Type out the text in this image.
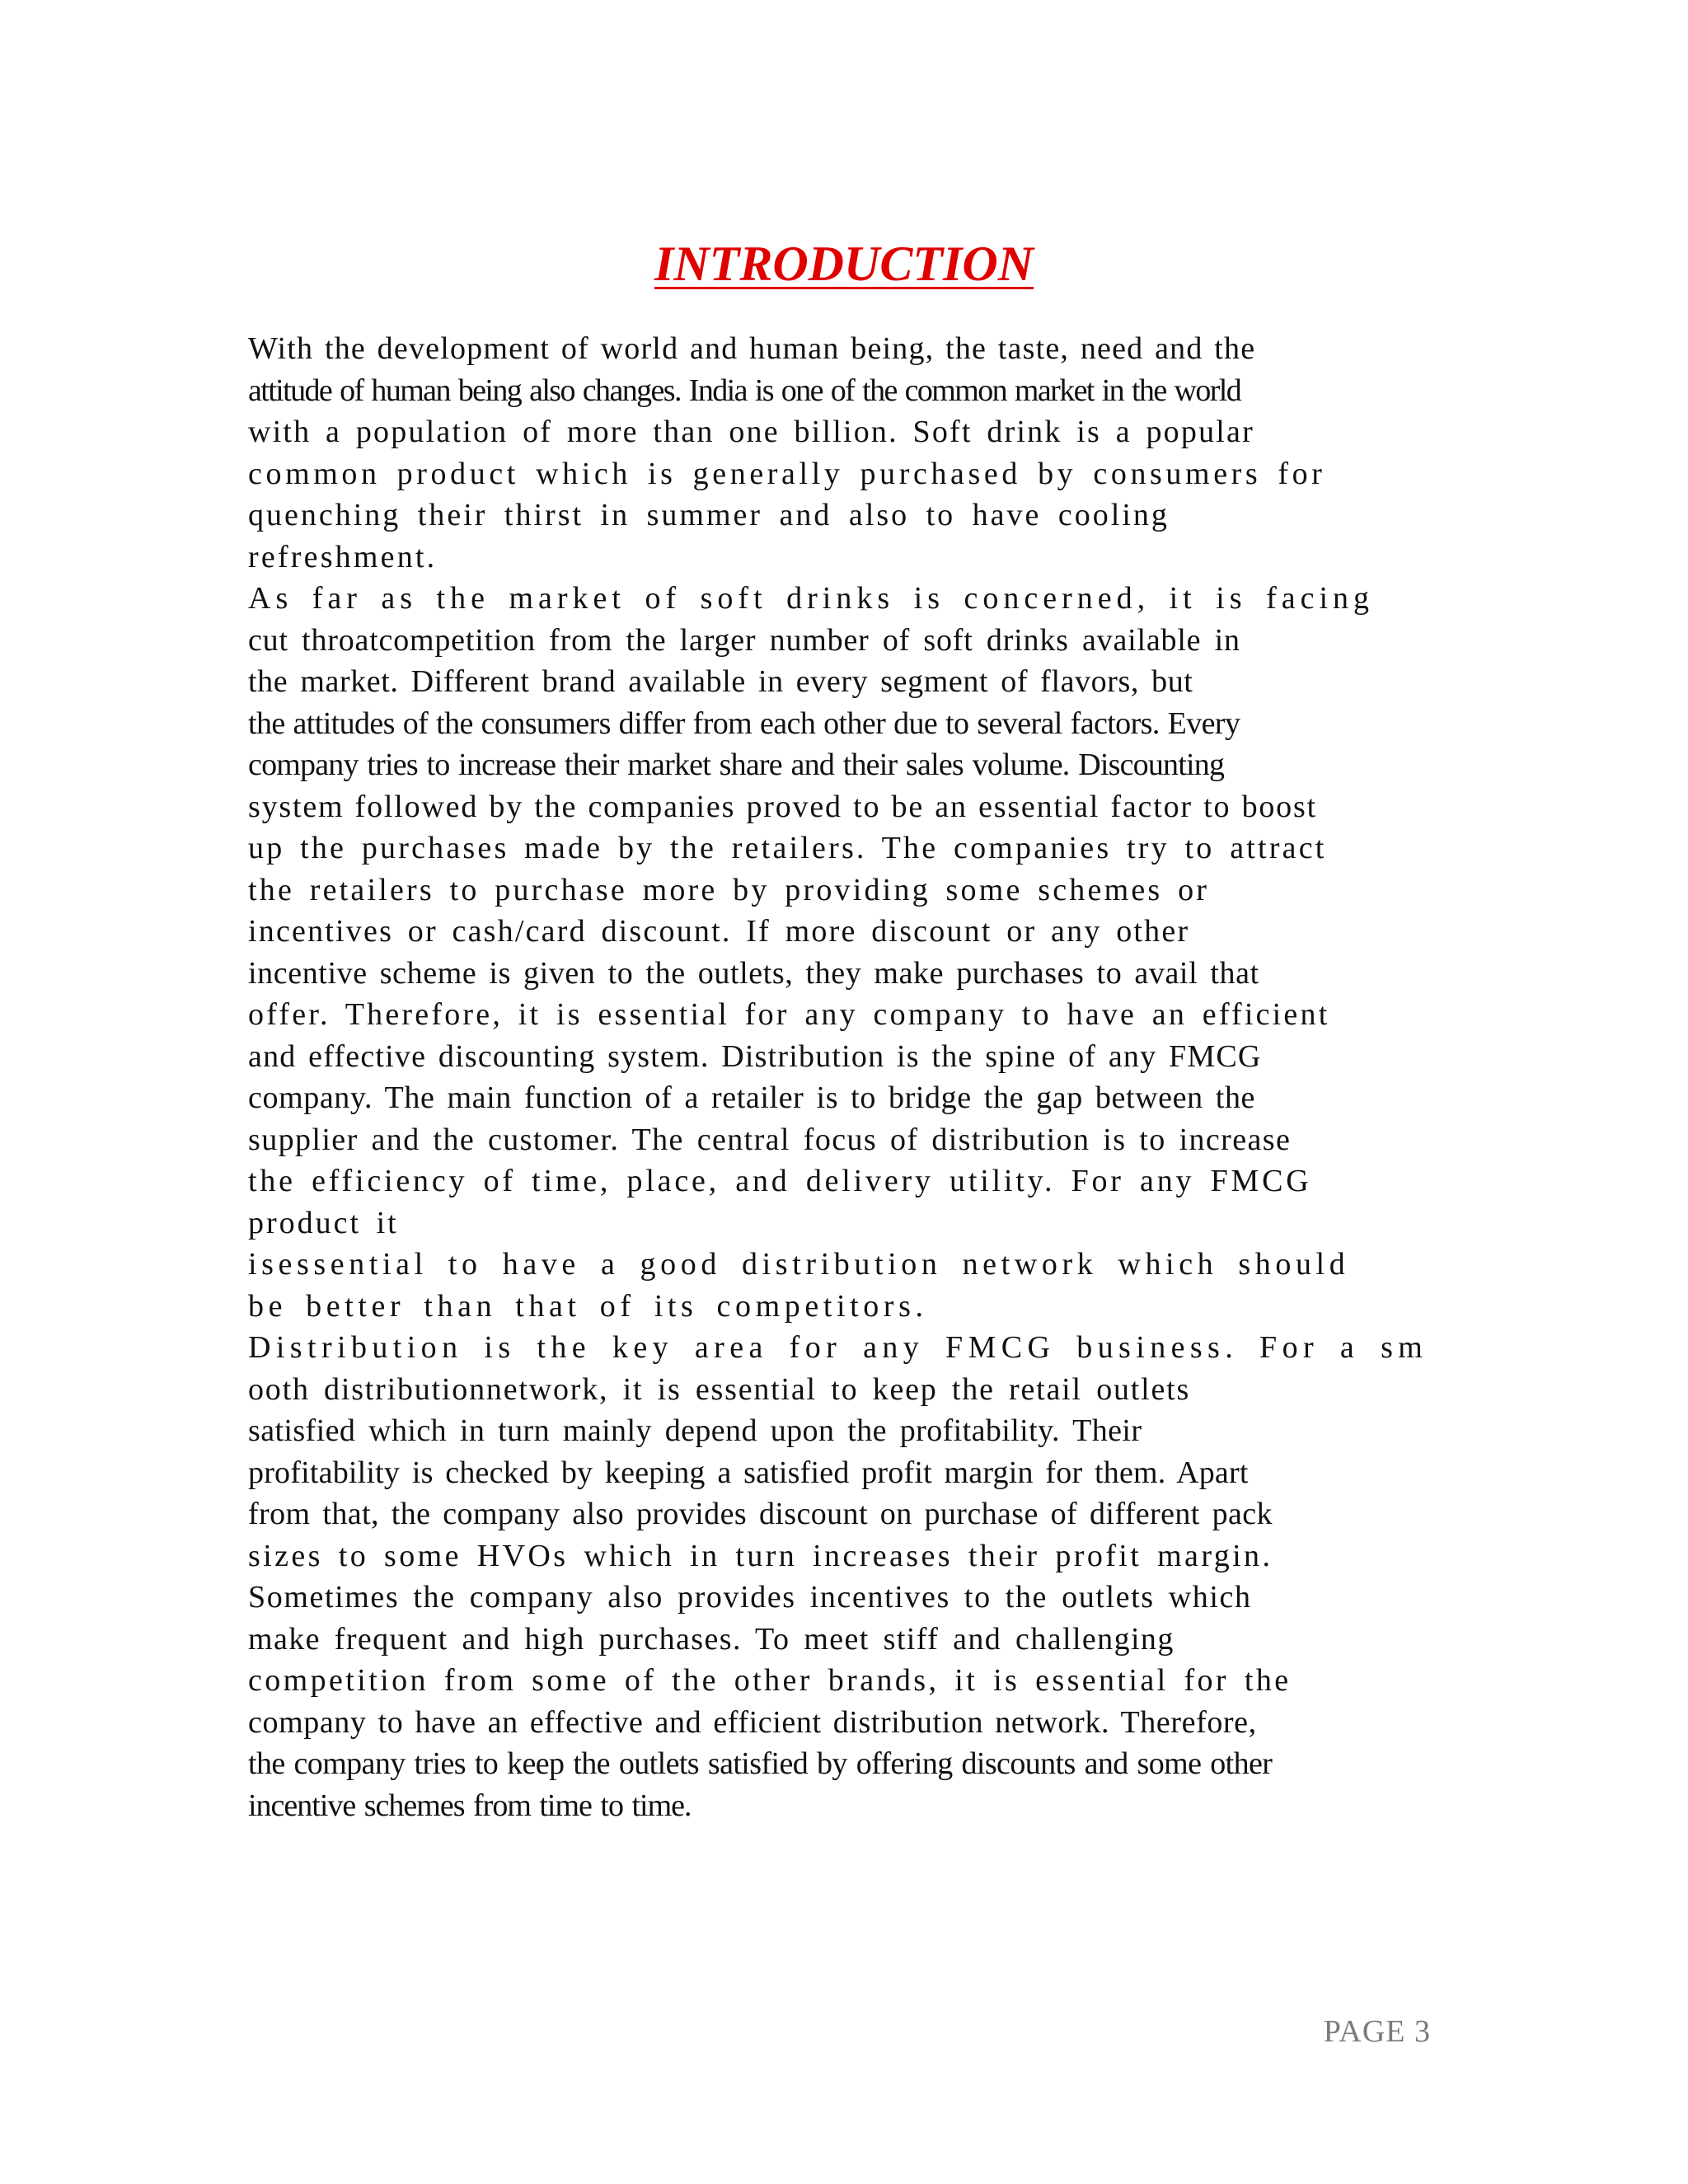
INTRODUCTION
With the development of world and human being, the taste, need and the
attitude of human being also changes. India is one of the common market in the world
with a population of more than one billion. Soft drink is a popular
common product which is generally purchased by consumers for
quenching their thirst in summer and also to have cooling
refreshment.
As far as the market of soft drinks is concerned, it is facing
cut throatcompetition from the larger number of soft drinks available in
the market. Different brand available in every segment of flavors, but
the attitudes of the consumers differ from each other due to several factors. Every
company tries to increase their market share and their sales volume. Discounting
system followed by the companies proved to be an essential factor to boost
up the purchases made by the retailers. The companies try to attract
the retailers to purchase more by providing some schemes or
incentives or cash/card discount. If more discount or any other
incentive scheme is given to the outlets, they make purchases to avail that
offer. Therefore, it is essential for any company to have an efficient
and effective discounting system. Distribution is the spine of any FMCG
company. The main function of a retailer is to bridge the gap between the
supplier and the customer. The central focus of distribution is to increase
the efficiency of time, place, and delivery utility. For any FMCG
product it
isessential to have a good distribution network which should
be better than that of its competitors.
Distribution is the key area for any FMCG business. For a sm
ooth distributionnetwork, it is essential to keep the retail outlets
satisfied which in turn mainly depend upon the profitability. Their
profitability is checked by keeping a satisfied profit margin for them. Apart
from that, the company also provides discount on purchase of different pack
sizes to some HVOs which in turn increases their profit margin.
Sometimes the company also provides incentives to the outlets which
make frequent and high purchases. To meet stiff and challenging
competition from some of the other brands, it is essential for the
company to have an effective and efficient distribution network. Therefore,
the company tries to keep the outlets satisfied by offering discounts and some other
incentive schemes from time to time.
PAGE 3
